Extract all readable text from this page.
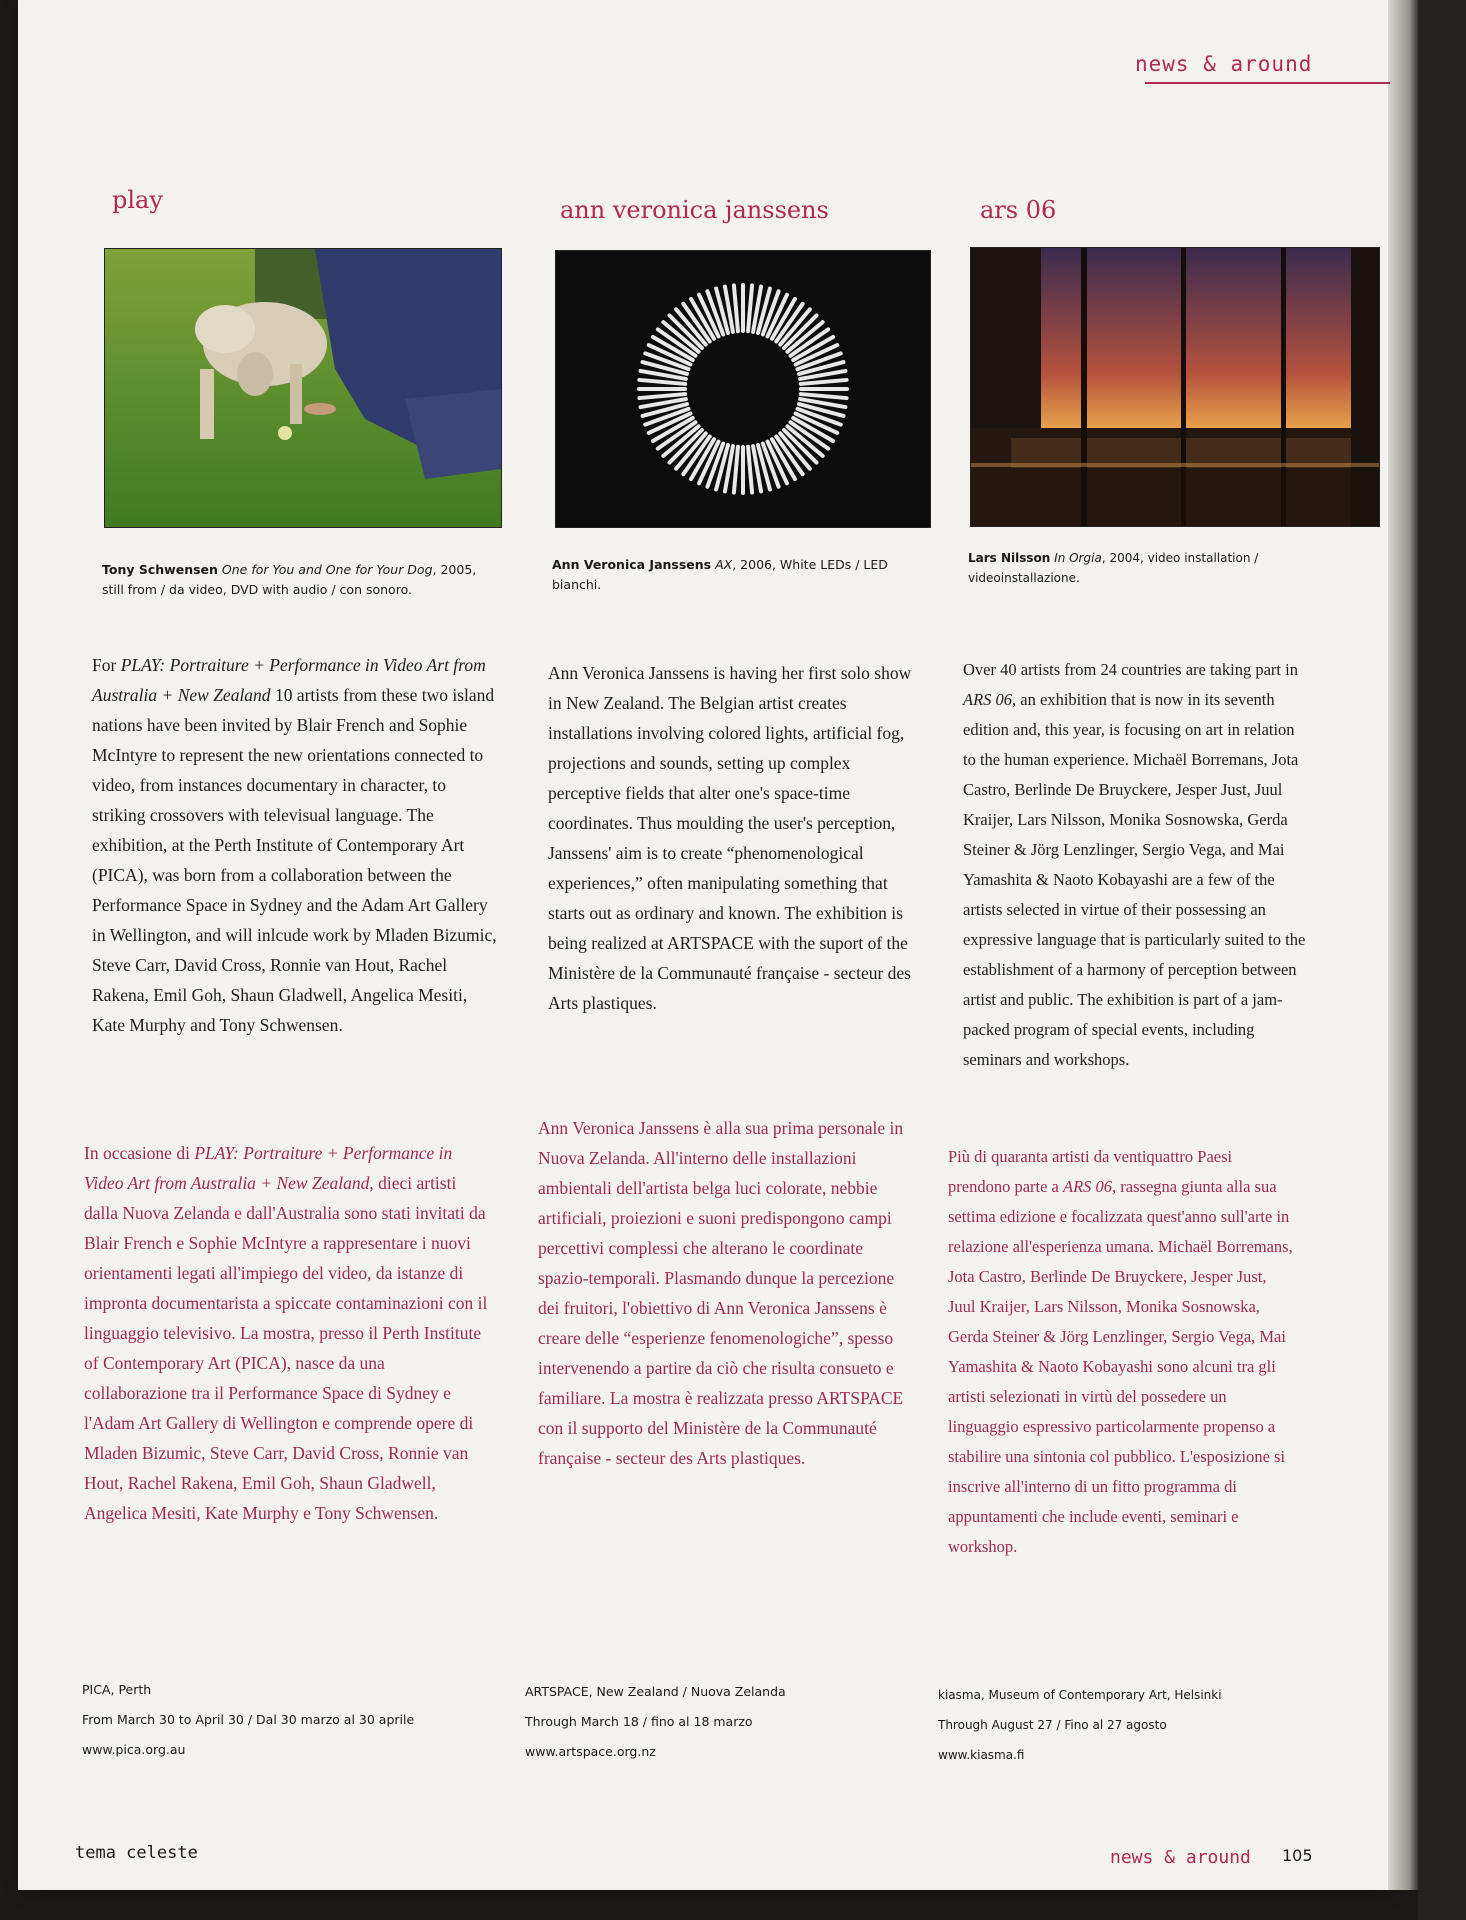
news & around
play
Tony Schwensen One for You and One for Your Dog, 2005,
still from / da video, DVD with audio / con sonoro.
For PLAY: Portraiture + Performance in Video Art from Australia + New Zealand 10 artists from these two island nations have been invited by Blair French and Sophie McIntyre to represent the new orientations connected to video, from instances documentary in character, to striking crossovers with televisual language. The exhibition, at the Perth Institute of Contemporary Art (PICA), was born from a collaboration between the Performance Space in Sydney and the Adam Art Gallery in Wellington, and will inlcude work by Mladen Bizumic, Steve Carr, David Cross, Ronnie van Hout, Rachel Rakena, Emil Goh, Shaun Gladwell, Angelica Mesiti, Kate Murphy and Tony Schwensen.
In occasione di PLAY: Portraiture + Performance in Video Art from Australia + New Zealand, dieci artisti dalla Nuova Zelanda e dall'Australia sono stati invitati da Blair French e Sophie McIntyre a rappresentare i nuovi orientamenti legati all'impiego del video, da istanze di impronta documentarista a spiccate contaminazioni con il linguaggio televisivo. La mostra, presso il Perth Institute of Contemporary Art (PICA), nasce da una collaborazione tra il Performance Space di Sydney e l'Adam Art Gallery di Wellington e comprende opere di Mladen Bizumic, Steve Carr, David Cross, Ronnie van Hout, Rachel Rakena, Emil Goh, Shaun Gladwell, Angelica Mesiti, Kate Murphy e Tony Schwensen.
PICA, Perth
From March 30 to April 30 / Dal 30 marzo al 30 aprile
www.pica.org.au
ann veronica janssens
Ann Veronica Janssens AX, 2006, White LEDs / LED
bianchi.
Ann Veronica Janssens is having her first solo show in New Zealand. The Belgian artist creates installations involving colored lights, artificial fog, projections and sounds, setting up complex perceptive fields that alter one's space-time coordinates. Thus moulding the user's perception, Janssens' aim is to create “phenomenological experiences,” often manipulating something that starts out as ordinary and known. The exhibition is being realized at ARTSPACE with the suport of the Ministère de la Communauté française - secteur des Arts plastiques.
Ann Veronica Janssens è alla sua prima personale in Nuova Zelanda. All'interno delle installazioni ambientali dell'artista belga luci colorate, nebbie artificiali, proiezioni e suoni predispongono campi percettivi complessi che alterano le coordinate spazio-temporali. Plasmando dunque la percezione dei fruitori, l'obiettivo di Ann Veronica Janssens è creare delle “esperienze fenomenologiche”, spesso intervenendo a partire da ciò che risulta consueto e familiare. La mostra è realizzata presso ARTSPACE con il supporto del Ministère de la Communauté française - secteur des Arts plastiques.
ARTSPACE, New Zealand / Nuova Zelanda
Through March 18 / fino al 18 marzo
www.artspace.org.nz
ars 06
Lars Nilsson In Orgia, 2004, video installation /
videoinstallazione.
Over 40 artists from 24 countries are taking part in ARS 06, an exhibition that is now in its seventh edition and, this year, is focusing on art in relation to the human experience. Michaël Borremans, Jota Castro, Berlinde De Bruyckere, Jesper Just, Juul Kraijer, Lars Nilsson, Monika Sosnowska, Gerda Steiner & Jörg Lenzlinger, Sergio Vega, and Mai Yamashita & Naoto Kobayashi are a few of the artists selected in virtue of their possessing an expressive language that is particularly suited to the establishment of a harmony of perception between artist and public. The exhibition is part of a jam-packed program of special events, including seminars and workshops.
Più di quaranta artisti da ventiquattro Paesi prendono parte a ARS 06, rassegna giunta alla sua settima edizione e focalizzata quest'anno sull'arte in relazione all'esperienza umana. Michaël Borremans, Jota Castro, Berlinde De Bruyckere, Jesper Just, Juul Kraijer, Lars Nilsson, Monika Sosnowska, Gerda Steiner & Jörg Lenzlinger, Sergio Vega, Mai Yamashita & Naoto Kobayashi sono alcuni tra gli artisti selezionati in virtù del possedere un linguaggio espressivo particolarmente propenso a stabilire una sintonia col pubblico. L'esposizione si inscrive all'interno di un fitto programma di appuntamenti che include eventi, seminari e workshop.
kiasma, Museum of Contemporary Art, Helsinki
Through August 27 / Fino al 27 agosto
www.kiasma.fi
tema celeste	news & around 105
